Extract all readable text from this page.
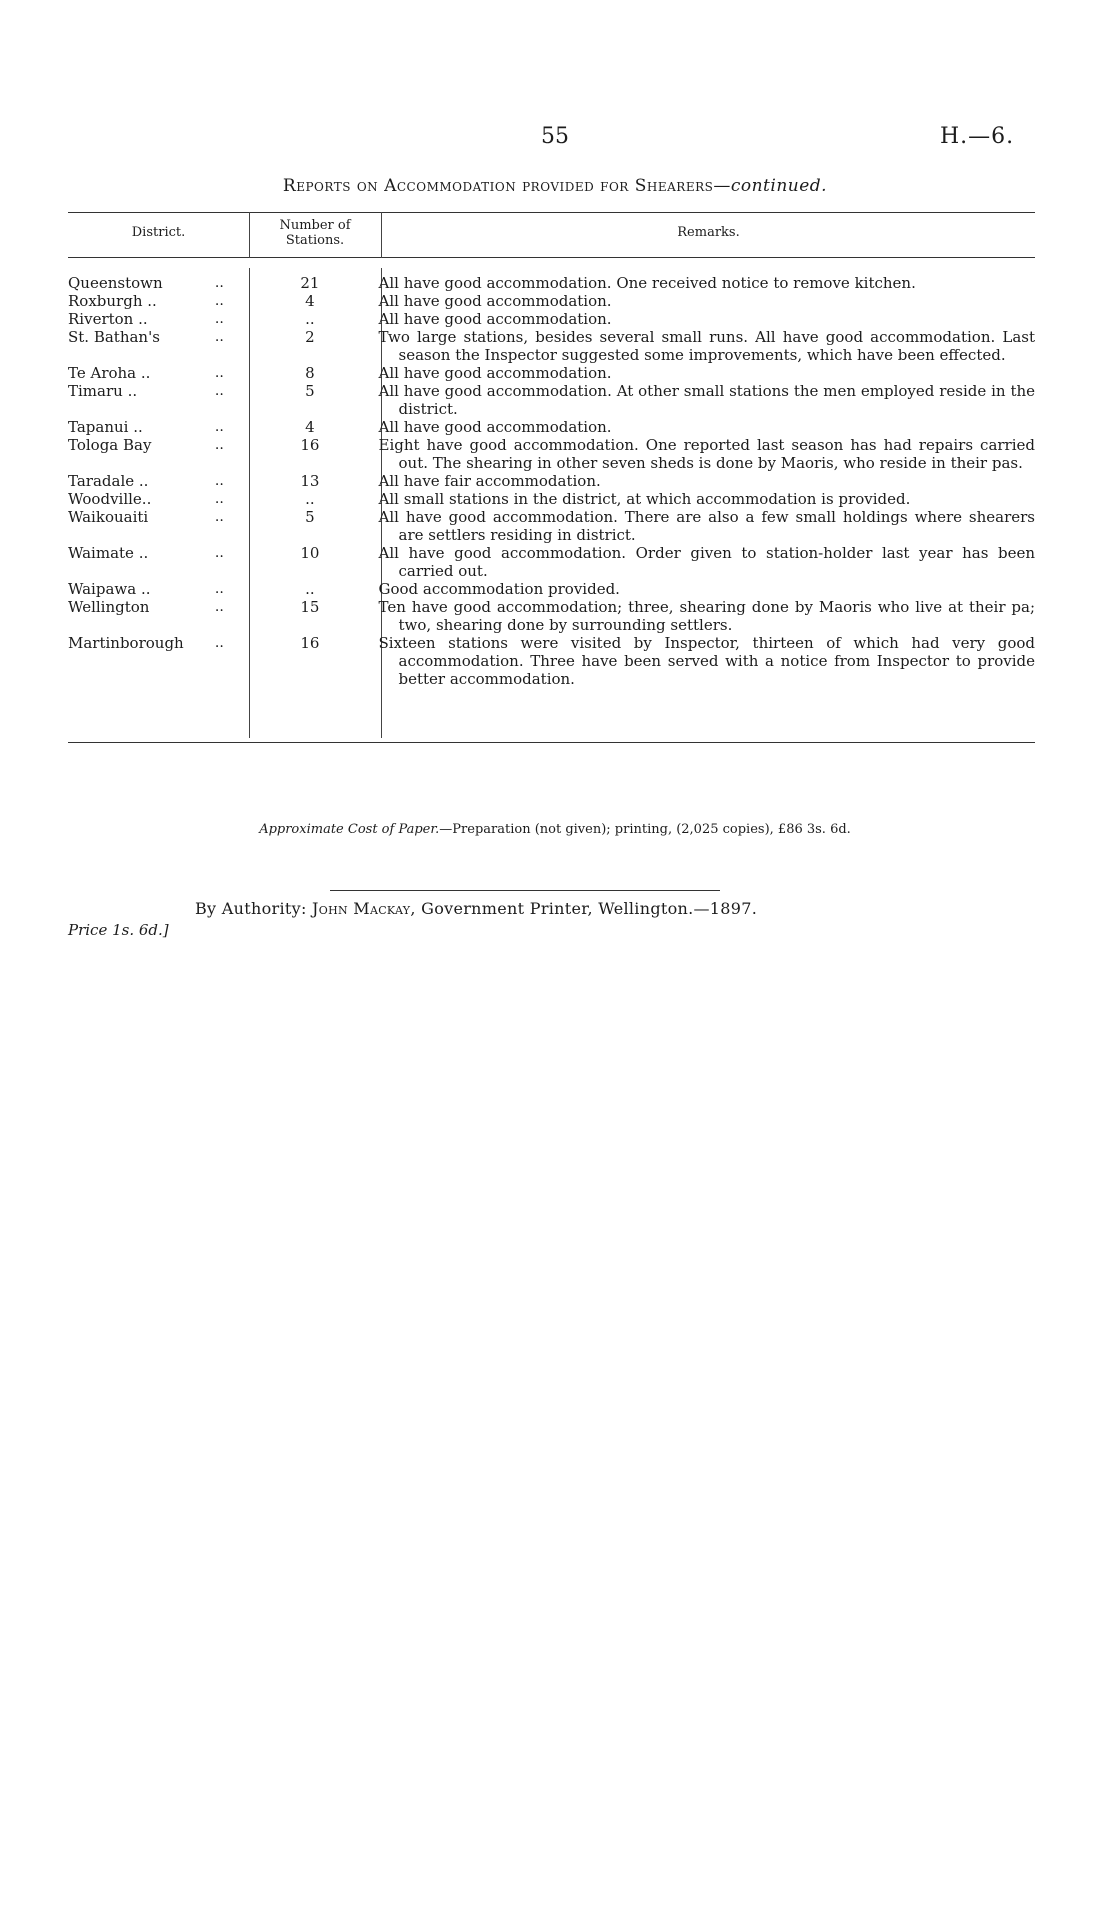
55	H.—6.
Reports on Accommodation provided for Shearers—continued.
District.	Number of Stations.
Remarks.
Queenstown	..	21	All have good accommodation. One received notice to remove kitchen.
Roxburgh ..	..	4	All have good accommodation.
Riverton ..	..	..	All have good accommodation.
St. Bathan's	..	2	Two large stations, besides several small runs. All have good accommodation. Last season the Inspector suggested some improvements, which have been effected.
Te Aroha ..	..	8	All have good accommodation.
Timaru ..	..	5	All have good accommodation. At other small stations the men employed reside in the district.
Tapanui ..	..	4	All have good accommodation.
Tologa Bay	..	16	Eight have good accommodation. One reported last season has had repairs carried out. The shearing in other seven sheds is done by Maoris, who reside in their pas.
Taradale ..	..	13	All have fair accommodation.
Woodville..	..	..	All small stations in the district, at which accommodation is provided.
Waikouaiti	..	5	All have good accommodation. There are also a few small holdings where shearers are settlers residing in district.
Waimate ..	..	10	All have good accommodation. Order given to station-holder last year has been carried out.
Waipawa ..	..	..	Good accommodation provided.
Wellington	..	15	Ten have good accommodation; three, shearing done by Maoris who live at their pa; two, shearing done by surrounding settlers.
Martinborough	..	16	Sixteen stations were visited by Inspector, thirteen of which had very good accommodation. Three have been served with a notice from Inspector to provide better accommodation.
Approximate Cost of Paper.—Preparation (not given); printing, (2,025 copies), £86 3s. 6d.
By Authority: John Mackay, Government Printer, Wellington.—1897.
Price 1s. 6d.]
